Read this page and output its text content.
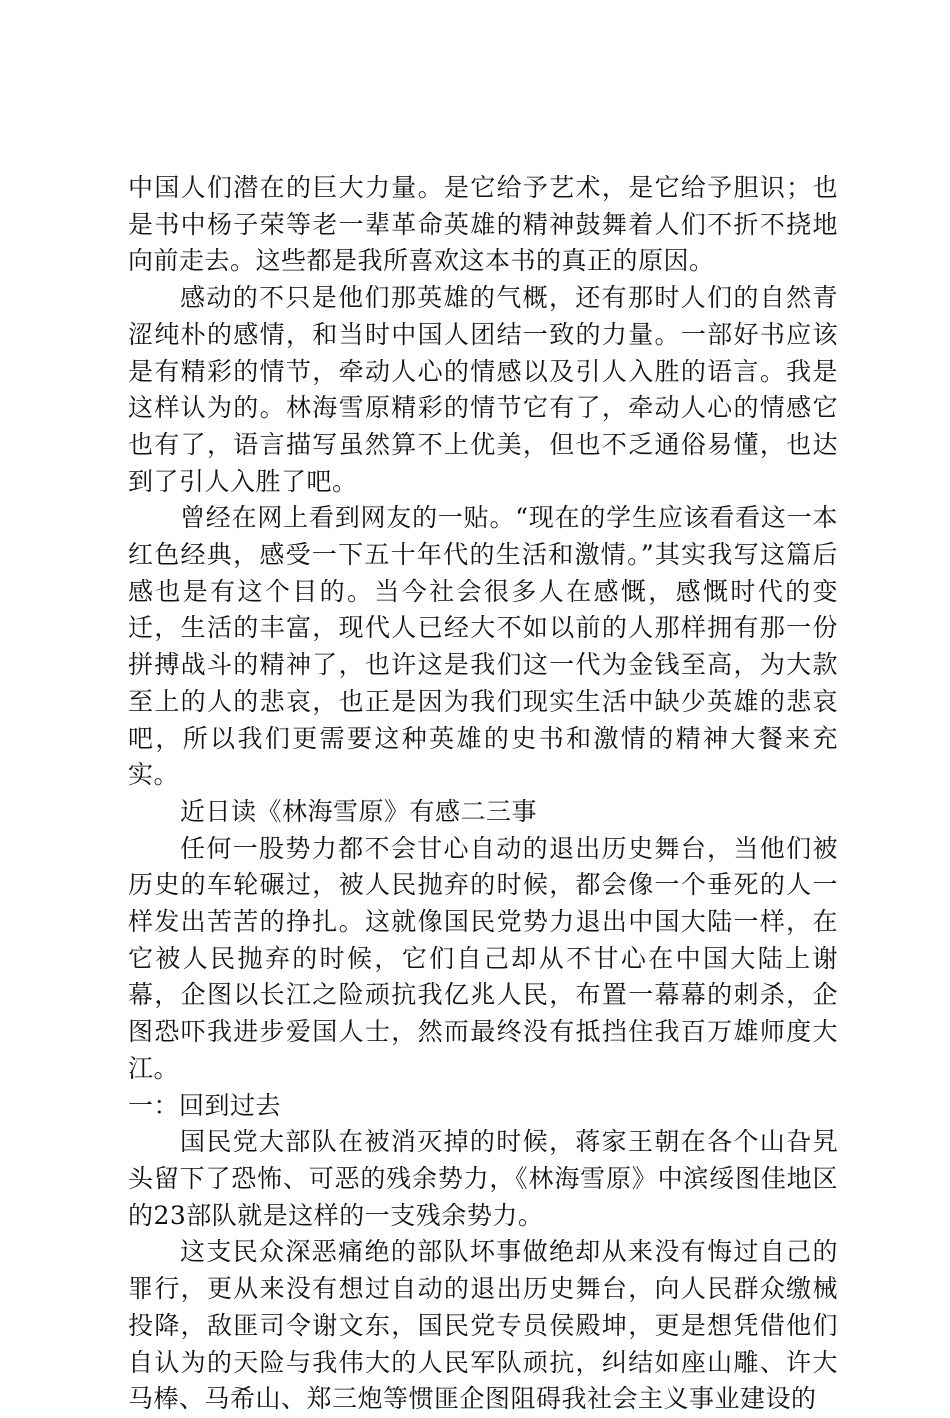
中国人们潜在的巨大力量。是它给予艺术，是它给予胆识；也是书中杨子荣等老一辈革命英雄的精神鼓舞着人们不折不挠地向前走去。这些都是我所喜欢这本书的真正的原因。

感动的不只是他们那英雄的气概，还有那时人们的自然青涩纯朴的感情，和当时中国人团结一致的力量。一部好书应该是有精彩的情节，牵动人心的情感以及引人入胜的语言。我是这样认为的。林海雪原精彩的情节它有了，牵动人心的情感它也有了，语言描写虽然算不上优美，但也不乏通俗易懂，也达到了引人入胜了吧。

曾经在网上看到网友的一贴。“现在的学生应该看看这一本红色经典，感受一下五十年代的生活和激情。”其实我写这篇后感也是有这个目的。当今社会很多人在感慨，感慨时代的变迁，生活的丰富，现代人已经大不如以前的人那样拥有那一份拼搏战斗的精神了，也许这是我们这一代为金钱至高，为大款至上的人的悲哀，也正是因为我们现实生活中缺少英雄的悲哀吧，所以我们更需要这种英雄的史书和激情的精神大餐来充实。

近日读《林海雪原》有感二三事

任何一股势力都不会甘心自动的退出历史舞台，当他们被历史的车轮碾过，被人民抛弃的时候，都会像一个垂死的人一样发出苦苦的挣扎。这就像国民党势力退出中国大陆一样，在它被人民抛弃的时候，它们自己却从不甘心在中国大陆上谢幕，企图以长江之险顽抗我亿兆人民，布置一幕幕的刺杀，企图恐吓我进步爱国人士，然而最终没有抵挡住我百万雄师度大江。

一：回到过去

国民党大部队在被消灭掉的时候，蒋家王朝在各个山旮旯头留下了恐怖、可恶的残余势力，《林海雪原》中滨绥图佳地区的23部队就是这样的一支残余势力。

这支民众深恶痛绝的部队坏事做绝却从来没有悔过自己的罪行，更从来没有想过自动的退出历史舞台，向人民群众缴械投降，敌匪司令谢文东，国民党专员侯殿坤，更是想凭借他们自认为的天险与我伟大的人民军队顽抗，纠结如座山雕、许大马棒、马希山、郑三炮等惯匪企图阻碍我社会主义事业建设的
